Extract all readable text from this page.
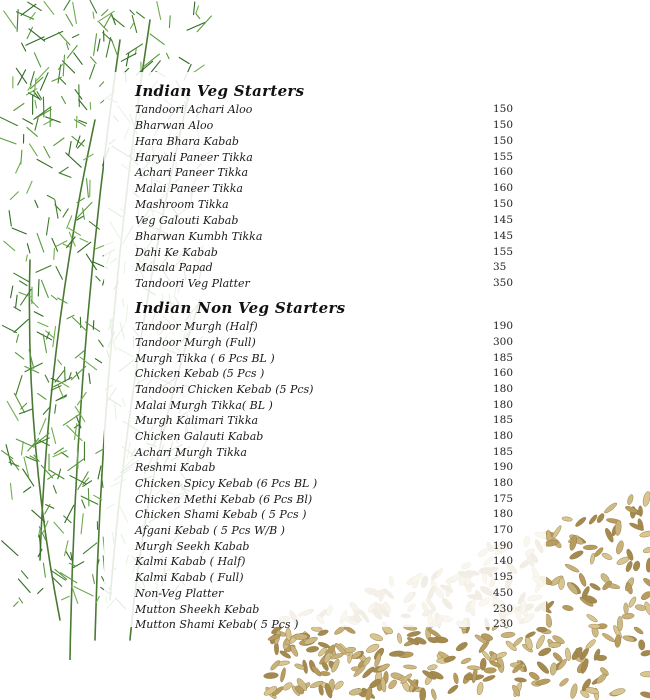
Indian Veg Starters
Tandoori Achari Aloo	150
Bharwan Aloo	150
Hara Bhara Kabab	150
Haryali Paneer Tikka	155
Achari Paneer Tikka	160
Malai Paneer Tikka	160
Mashroom Tikka	150
Veg Galouti Kabab	145
Bharwan Kumbh Tikka	145
Dahi Ke Kabab	155
Masala Papad	35
Tandoori Veg Platter	350
Indian Non Veg Starters
Tandoor Murgh (Half)	190
Tandoor Murgh (Full)	300
Murgh Tikka ( 6 Pcs BL )	185
Chicken Kebab (5 Pcs )	160
Tandoori Chicken Kebab (5 Pcs)	180
Malai Murgh Tikka( BL )	180
Murgh Kalimari Tikka	185
Chicken Galauti Kabab	180
Achari Murgh Tikka	185
Reshmi Kabab	190
Chicken Spicy Kebab (6 Pcs BL )	180
Chicken Methi Kebab (6 Pcs Bl)	175
Chicken Shami Kebab ( 5 Pcs )	180
Afgani Kebab ( 5 Pcs W/B )	170
Murgh Seekh Kabab	190
Kalmi Kabab ( Half)	140
Kalmi Kabab ( Full)	195
Non-Veg Platter	450
Mutton Sheekh Kebab	230
Mutton Shami Kebab( 5 Pcs )	230
